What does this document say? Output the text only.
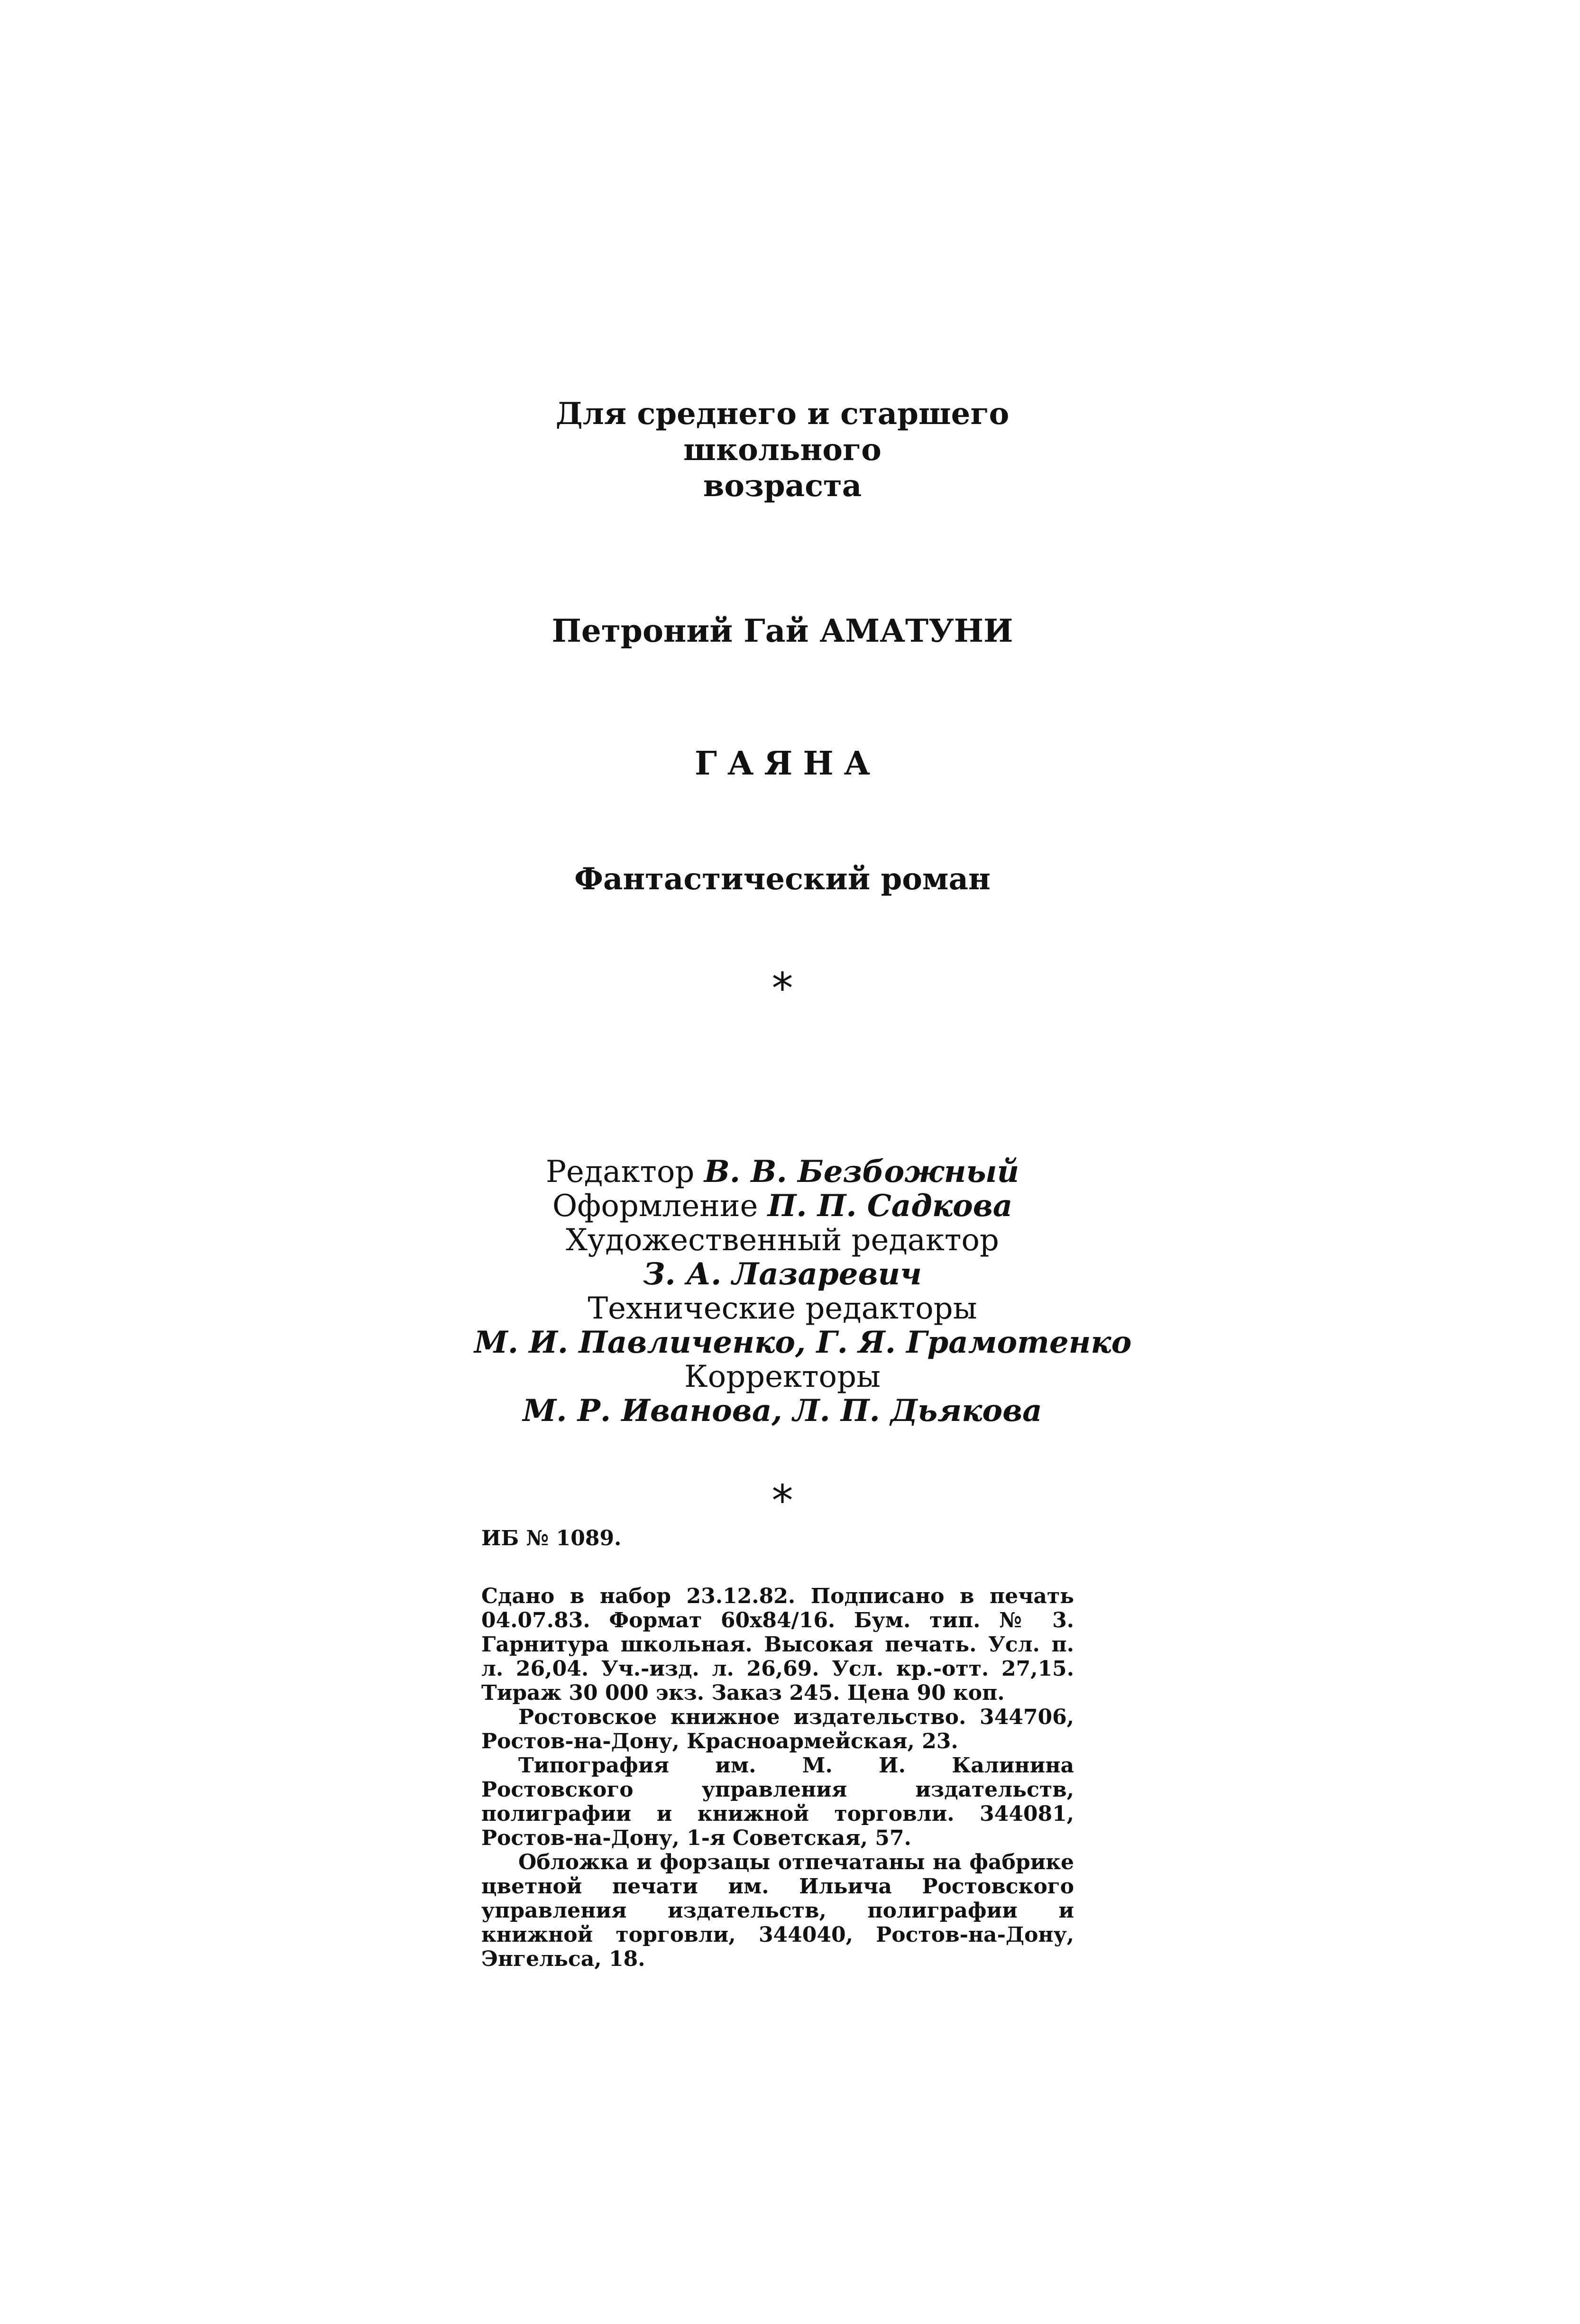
Для среднего и старшего школьного
возраста
Петроний Гай АМАТУНИ
ГАЯНА
Фантастический роман
*
Редактор В. В. Безбожный
Оформление П. П. Садкова
Художественный редактор
З. А. Лазаревич
Технические редакторы
М. И. Павличенко, Г. Я. Грамотенко
Корректоры
М. Р. Иванова, Л. П. Дьякова
*
ИБ № 1089.

Сдано в набор 23.12.82. Подписано в печать 04.07.83. Формат 60х84/16. Бум. тип. № 3. Гарнитура школьная. Высокая печать. Усл. п. л. 26,04. Уч.-изд. л. 26,69. Усл. кр.-отт. 27,15. Тираж 30 000 экз. Заказ 245. Цена 90 коп.

Ростовское книжное издательство. 344706, Ростов-на-Дону, Красноармейская, 23.

Типография им. М. И. Калинина Ростовского управления издательств, полиграфии и книжной торговли. 344081, Ростов-на-Дону, 1-я Советская, 57.

Обложка и форзацы отпечатаны на фабрике цветной печати им. Ильича Ростовского управления издательств, полиграфии и книжной торговли, 344040, Ростов-на-Дону, Энгельса, 18.
